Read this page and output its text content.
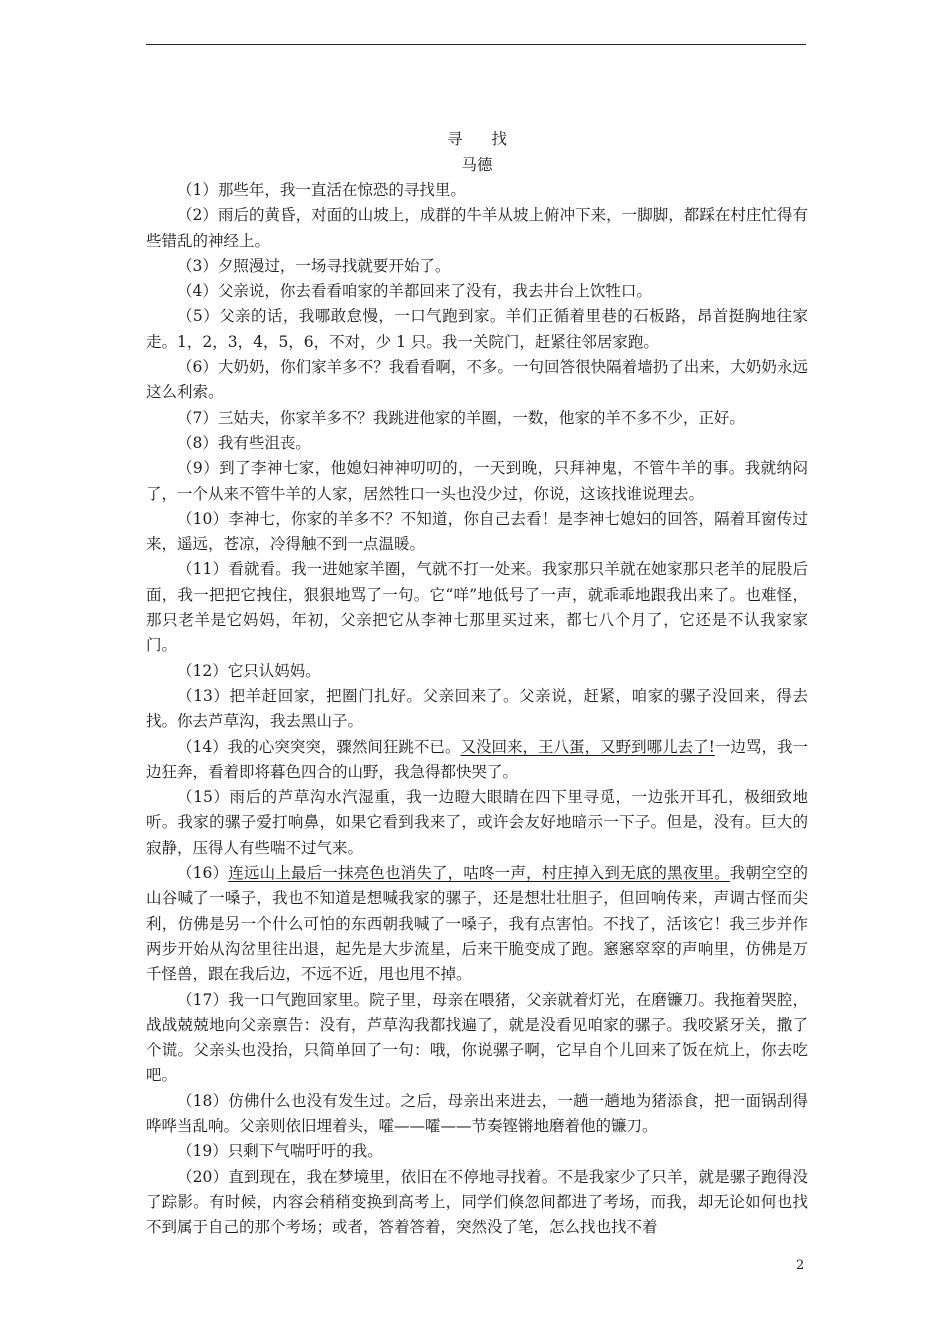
寻 找

马德

（1）那些年，我一直活在惊恐的寻找里。

（2）雨后的黄昏，对面的山坡上，成群的牛羊从坡上俯冲下来，一脚脚，都踩在村庄忙得有些错乱的神经上。

（3）夕照漫过，一场寻找就要开始了。

（4）父亲说，你去看看咱家的羊都回来了没有，我去井台上饮牲口。

（5）父亲的话，我哪敢怠慢，一口气跑到家。羊们正循着里巷的石板路，昂首挺胸地往家走。1，2，3，4，5，6，不对，少 1 只。我一关院门，赶紧往邻居家跑。

（6）大奶奶，你们家羊多不？我看看啊，不多。一句回答很快隔着墙扔了出来，大奶奶永远这么利索。

（7）三姑夫，你家羊多不？我跳进他家的羊圈，一数，他家的羊不多不少，正好。

（8）我有些沮丧。

（9）到了李神七家，他媳妇神神叨叨的，一天到晚，只拜神鬼，不管牛羊的事。我就纳闷了，一个从来不管牛羊的人家，居然牲口一头也没少过，你说，这该找谁说理去。

（10）李神七，你家的羊多不？不知道，你自己去看！是李神七媳妇的回答，隔着耳窗传过来，遥远，苍凉，冷得触不到一点温暖。

（11）看就看。我一进她家羊圈，气就不打一处来。我家那只羊就在她家那只老羊的屁股后面，我一把把它拽住，狠狠地骂了一句。它“咩”地低号了一声，就乖乖地跟我出来了。也难怪，那只老羊是它妈妈，年初，父亲把它从李神七那里买过来，都七八个月了，它还是不认我家家门。

（12）它只认妈妈。

（13）把羊赶回家，把圈门扎好。父亲回来了。父亲说，赶紧，咱家的骡子没回来，得去找。你去芦草沟，我去黑山子。

（14）我的心突突突，骤然间狂跳不已。又没回来，王八蛋，又野到哪儿去了!一边骂，我一边狂奔，看着即将暮色四合的山野，我急得都快哭了。

（15）雨后的芦草沟水汽湿重，我一边瞪大眼睛在四下里寻觅，一边张开耳孔，极细致地听。我家的骡子爱打响鼻，如果它看到我来了，或许会友好地暗示一下子。但是，没有。巨大的寂静，压得人有些喘不过气来。

（16）连远山上最后一抹亮色也消失了，咕咚一声，村庄掉入到无底的黑夜里。我朝空空的山谷喊了一嗓子，我也不知道是想喊我家的骡子，还是想壮壮胆子，但回响传来，声调古怪而尖利，仿佛是另一个什么可怕的东西朝我喊了一嗓子，我有点害怕。不找了，活该它！我三步并作两步开始从沟岔里往出退，起先是大步流星，后来干脆变成了跑。窸窸窣窣的声响里，仿佛是万千怪兽，跟在我后边，不远不近，甩也甩不掉。

（17）我一口气跑回家里。院子里，母亲在喂猪，父亲就着灯光，在磨镰刀。我拖着哭腔，战战兢兢地向父亲禀告：没有，芦草沟我都找遍了，就是没看见咱家的骡子。我咬紧牙关，撒了个谎。父亲头也没抬，只简单回了一句：哦，你说骡子啊，它早自个儿回来了饭在炕上，你去吃吧。

（18）仿佛什么也没有发生过。之后，母亲出来进去，一趟一趟地为猪添食，把一面锅刮得哗哗当乱响。父亲则依旧埋着头，嚯——嚯——节奏铿锵地磨着他的镰刀。

（19）只剩下气喘吁吁的我。

（20）直到现在，我在梦境里，依旧在不停地寻找着。不是我家少了只羊，就是骡子跑得没了踪影。有时候，内容会稍稍变换到高考上，同学们倏忽间都进了考场，而我，却无论如何也找不到属于自己的那个考场；或者，答着答着，突然没了笔，怎么找也找不着

2
